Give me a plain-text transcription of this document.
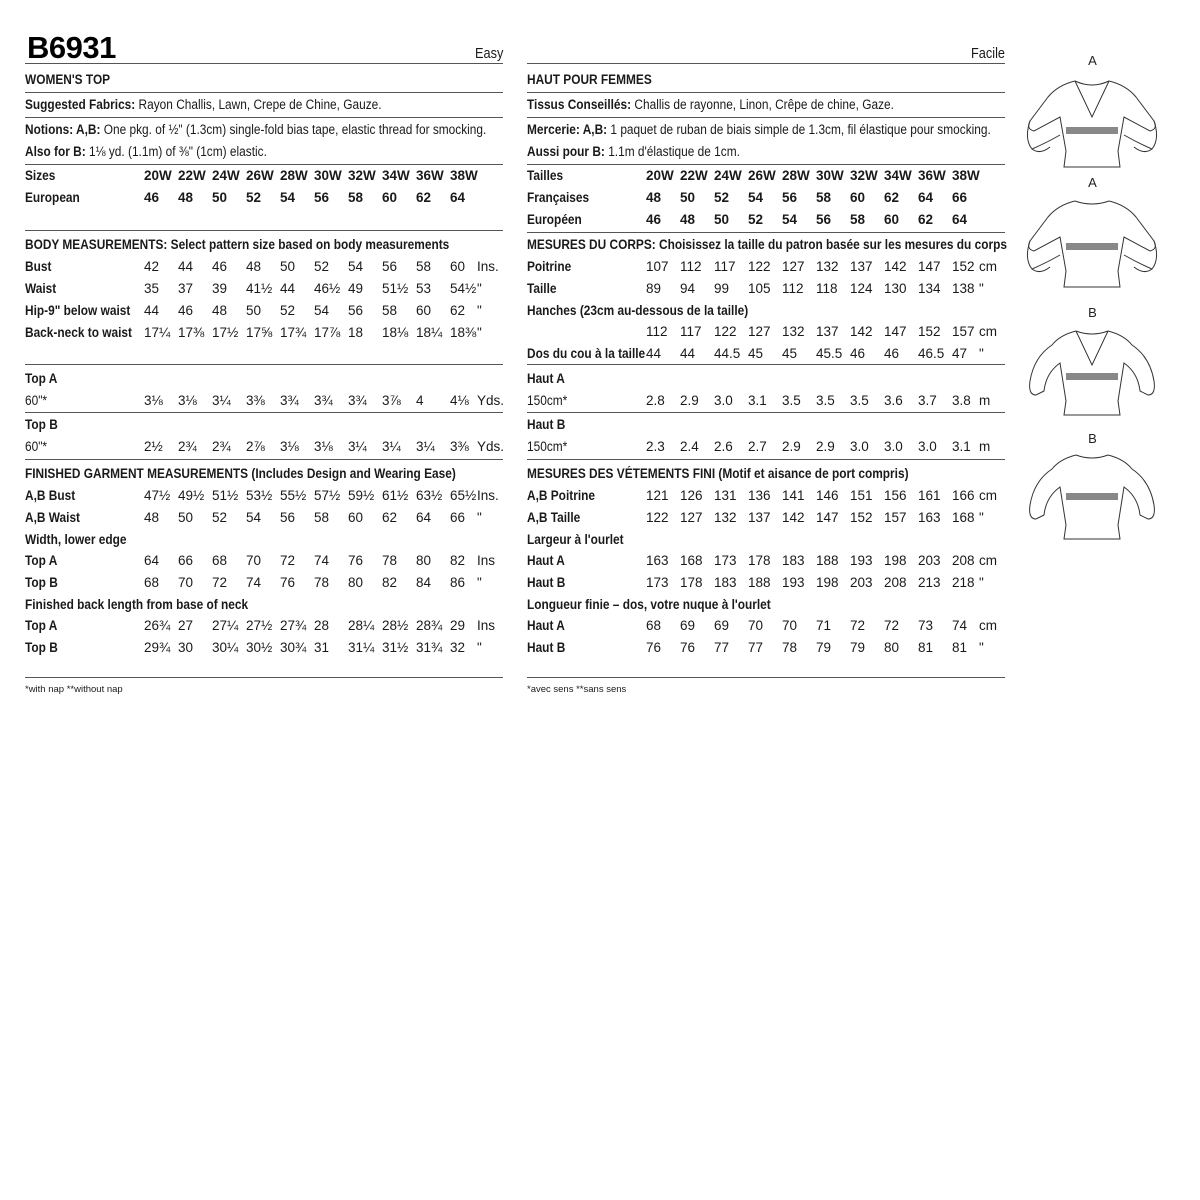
B6931	Easy
WOMEN'S TOP
Suggested Fabrics: Rayon Challis, Lawn, Crepe de Chine, Gauze.
Notions: A,B: One pkg. of ½" (1.3cm) single-fold bias tape, elastic thread for smocking.
Also for B: 1⅛ yd. (1.1m) of ⅜" (1cm) elastic.
Sizes	20W 22W 24W 26W 28W 30W 32W 34W 36W 38W
European	46 48 50 52 54 56 58 60 62 64
BODY MEASUREMENTS: Select pattern size based on body measurements
Bust	42 44 46 48 50 52 54 56 58 60 Ins.
Waist	35 37 39 41½ 44 46½ 49 51½ 53 54½ "
Hip-9" below waist 44 46 48 50 52 54 56 58 60 62 "
Back-neck to waist 17¼ 17⅜ 17½ 17⅝ 17¾ 17⅞ 18 18⅛ 18¼ 18⅜ "
Top A
60"*	3⅛ 3⅛ 3¼ 3⅜ 3¾ 3¾ 3¾ 3⅞ 4 4⅛ Yds.
Top B
60"*	2½ 2¾ 2¾ 2⅞ 3⅛ 3⅛ 3¼ 3¼ 3¼ 3⅜ Yds.
FINISHED GARMENT MEASUREMENTS (Includes Design and Wearing Ease)
A,B Bust	47½ 49½ 51½ 53½ 55½ 57½ 59½ 61½ 63½ 65½ Ins.
A,B Waist	48 50 52 54 56 58 60 62 64 66 "
Width, lower edge
Top A	64 66 68 70 72 74 76 78 80 82 Ins
Top B	68 70 72 74 76 78 80 82 84 86 "
Finished back length from base of neck
Top A	26¾ 27 27¼ 27½ 27¾ 28 28¼ 28½ 28¾ 29 Ins
Top B	29¾ 30 30¼ 30½ 30¾ 31 31¼ 31½ 31¾ 32 "
*with nap **without nap
Facile
HAUT POUR FEMMES
Tissus Conseillés: Challis de rayonne, Linon, Crêpe de chine, Gaze.
Mercerie: A,B: 1 paquet de ruban de biais simple de 1.3cm, fil élastique pour smocking.
Aussi pour B: 1.1m d'élastique de 1cm.
Tailles	20W 22W 24W 26W 28W 30W 32W 34W 36W 38W
Françaises	48 50 52 54 56 58 60 62 64 66
Européen	46 48 50 52 54 56 58 60 62 64
MESURES DU CORPS: Choisissez la taille du patron basée sur les mesures du corps
Poitrine	107 112 117 122 127 132 137 142 147 152 cm
Taille	89 94 99 105 112 118 124 130 134 138 "
Hanches (23cm au-dessous de la taille)
112 117 122 127 132 137 142 147 152 157 cm
Dos du cou à la taille 44 44 44.5 45 45 45.5 46 46 46.5 47 "
Haut A
150cm*	2.8 2.9 3.0 3.1 3.5 3.5 3.5 3.6 3.7 3.8 m
Haut B
150cm*	2.3 2.4 2.6 2.7 2.9 2.9 3.0 3.0 3.0 3.1 m
MESURES DES VÉTEMENTS FINI (Motif et aisance de port compris)
A,B Poitrine	121 126 131 136 141 146 151 156 161 166 cm
A,B Taille	122 127 132 137 142 147 152 157 163 168 "
Largeur à l'ourlet
Haut A	163 168 173 178 183 188 193 198 203 208 cm
Haut B	173 178 183 188 193 198 203 208 213 218 "
Longueur finie – dos, votre nuque à l'ourlet
Haut A	68 69 69 70 70 71 72 72 73 74 cm
Haut B	76 76 77 77 78 79 79 80 81 81 "
*avec sens **sans sens
A
A
B
B
